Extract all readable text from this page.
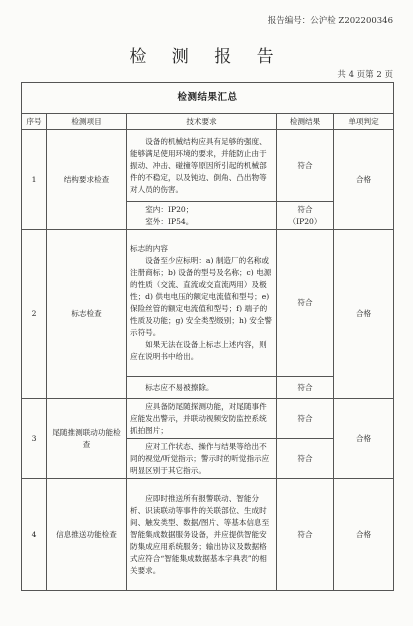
报告编号：公沪检 Z202200346
检 测 报 告
共 4 页第 2 页
检测结果汇总				
序号	检测项目	技术要求	检测结果	单项判定
1	结构要求检查	设备的机械结构应具有足够的强度、能够满足使用环境的要求，并能防止由于振动、冲击、碰撞等原因所引起的机械部件的不稳定，以及钝边、倒角、凸出物等对人员的伤害。	符合	合格

		室内：IP20；
室外：IP54。	符合
（IP20）	

2	标志检查	标志的内容
设备至少应标明：a) 制造厂的名称或注册商标；b) 设备的型号及名称；c) 电源的性质（交流、直流或交直流两用）及极性；d) 供电电压的额定电流值和型号；e) 保险丝管的额定电流值和型号；f) 端子的性质及功能；g) 安全类型级别；h) 安全警示符号。
如果无法在设备上标志上述内容，则应在说明书中给出。	符合	合格

		标志应不易被擦除。	符合	
3	尾随推测联动功能检查	应具备防尾随探测功能，对尾随事件应能发出警示，并联动视频安防监控系统抓拍图片；	符合	合格

		应对工作状态、操作与结果等给出不同的视觉/听觉指示；警示时的听觉指示应明显区别于其它指示。	符合	
4	信息推送功能检查	应即时推送所有报警联动、智能分析、识读联动等事件的关联部位、生成时间、触发类型、数据/图片、等基本信息至智能集成数据服务设备，并应提供智能安防集成应用系统服务；输出协议及数据格式应符合“智能集成数据基本字典表”的相关要求。	符合	合格
